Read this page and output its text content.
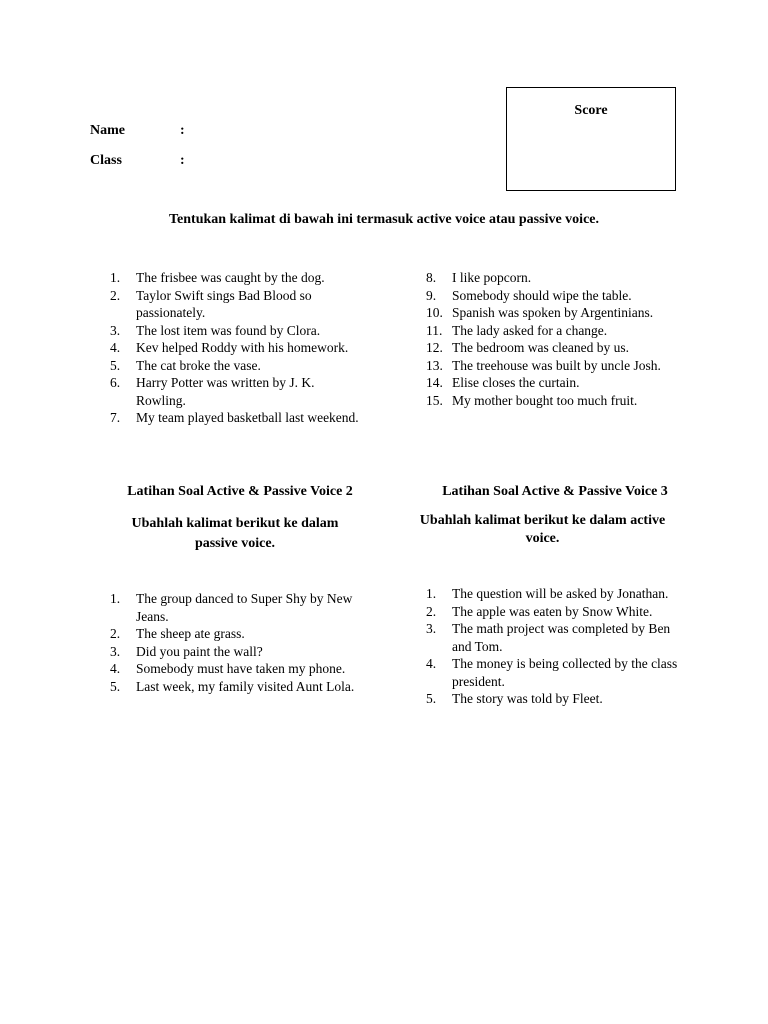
Name	:
Class	:
Score
Tentukan kalimat di bawah ini termasuk active voice atau passive voice.
1.	The frisbee was caught by the dog.
2.	Taylor Swift sings Bad Blood so passionately.
3.	The lost item was found by Clora.
4.	Kev helped Roddy with his homework.
5.	The cat broke the vase.
6.	Harry Potter was written by J. K. Rowling.
7.	My team played basketball last weekend.
8.	I like popcorn.
9.	Somebody should wipe the table.
10. Spanish was spoken by Argentinians.
11. The lady asked for a change.
12. The bedroom was cleaned by us.
13. The treehouse was built by uncle Josh.
14. Elise closes the curtain.
15. My mother bought too much fruit.
Latihan Soal Active & Passive Voice 2
Ubahlah kalimat berikut ke dalam passive voice.
1.	The group danced to Super Shy by New Jeans.
2.	The sheep ate grass.
3.	Did you paint the wall?
4.	Somebody must have taken my phone.
5.	Last week, my family visited Aunt Lola.
Latihan Soal Active & Passive Voice 3
Ubahlah kalimat berikut ke dalam active voice.
1.	The question will be asked by Jonathan.
2.	The apple was eaten by Snow White.
3.	The math project was completed by Ben and Tom.
4.	The money is being collected by the class president.
5.	The story was told by Fleet.
